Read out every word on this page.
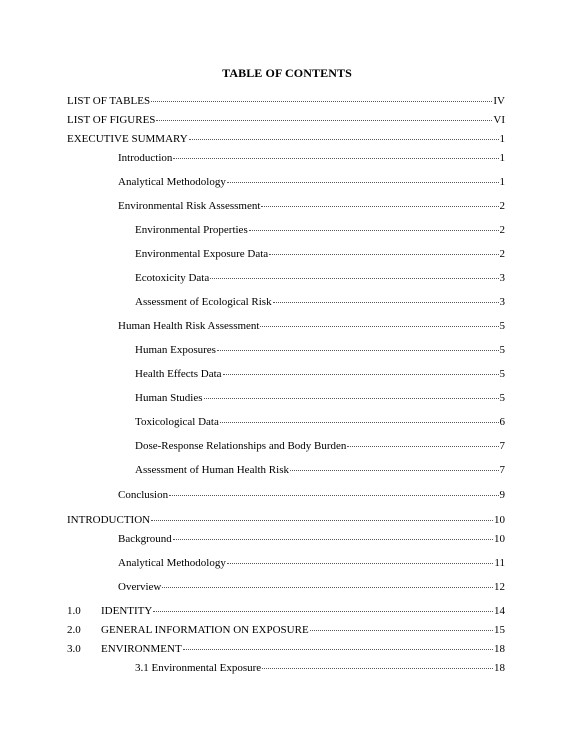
TABLE OF CONTENTS
LIST OF TABLES	IV
LIST OF FIGURES	VI
EXECUTIVE SUMMARY	1
Introduction	1
Analytical Methodology	1
Environmental Risk Assessment	2
Environmental Properties	2
Environmental Exposure Data	2
Ecotoxicity Data	3
Assessment of Ecological Risk	3
Human Health Risk Assessment	5
Human Exposures	5
Health Effects Data	5
Human Studies	5
Toxicological Data	6
Dose-Response Relationships and Body Burden	7
Assessment of Human Health Risk	7
Conclusion	9
INTRODUCTION	10
Background	10
Analytical Methodology	11
Overview	12
1.0	IDENTITY	14
2.0	GENERAL INFORMATION ON EXPOSURE	15
3.0	ENVIRONMENT	18
3.1 Environmental Exposure	18
